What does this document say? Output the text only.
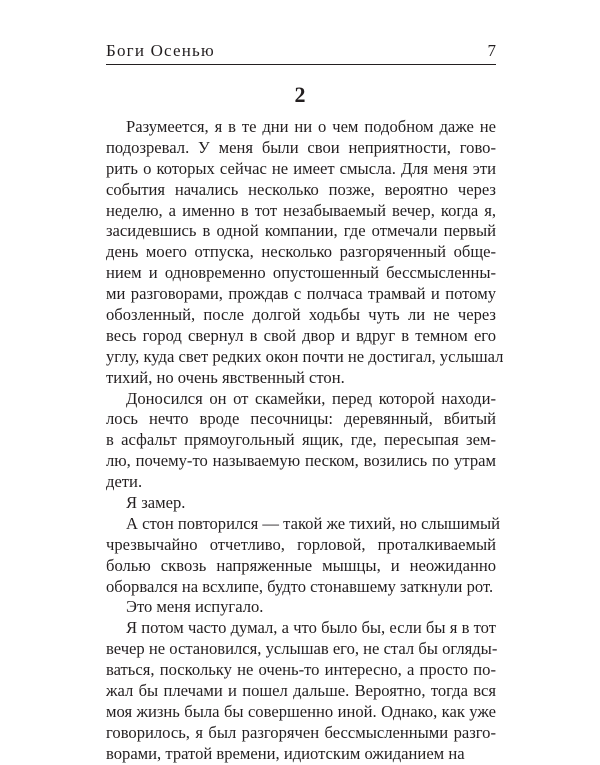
Боги Осенью	7
2
Разумеется, я в те дни ни о чем подобном даже не
подозревал. У меня были свои неприятности, гово-
рить о которых сейчас не имеет смысла. Для меня эти
события начались несколько позже, вероятно через
неделю, а именно в тот незабываемый вечер, когда я,
засидевшись в одной компании, где отмечали первый
день моего отпуска, несколько разгоряченный обще-
нием и одновременно опустошенный бессмысленны-
ми разговорами, прождав с полчаса трамвай и потому
обозленный, после долгой ходьбы чуть ли не через
весь город свернул в свой двор и вдруг в темном его
углу, куда свет редких окон почти не достигал, услышал
тихий, но очень явственный стон.
Доносился он от скамейки, перед которой находи-
лось нечто вроде песочницы: деревянный, вбитый
в асфальт прямоугольный ящик, где, пересыпая зем-
лю, почему-то называемую песком, возились по утрам
дети.
Я замер.
А стон повторился — такой же тихий, но слышимый
чрезвычайно отчетливо, горловой, проталкиваемый
болью сквозь напряженные мышцы, и неожиданно
оборвался на всхлипе, будто стонавшему заткнули рот.
Это меня испугало.
Я потом часто думал, а что было бы, если бы я в тот
вечер не остановился, услышав его, не стал бы огляды-
ваться, поскольку не очень-то интересно, а просто по-
жал бы плечами и пошел дальше. Вероятно, тогда вся
моя жизнь была бы совершенно иной. Однако, как уже
говорилось, я был разгорячен бессмысленными разго-
ворами, тратой времени, идиотским ожиданием на
